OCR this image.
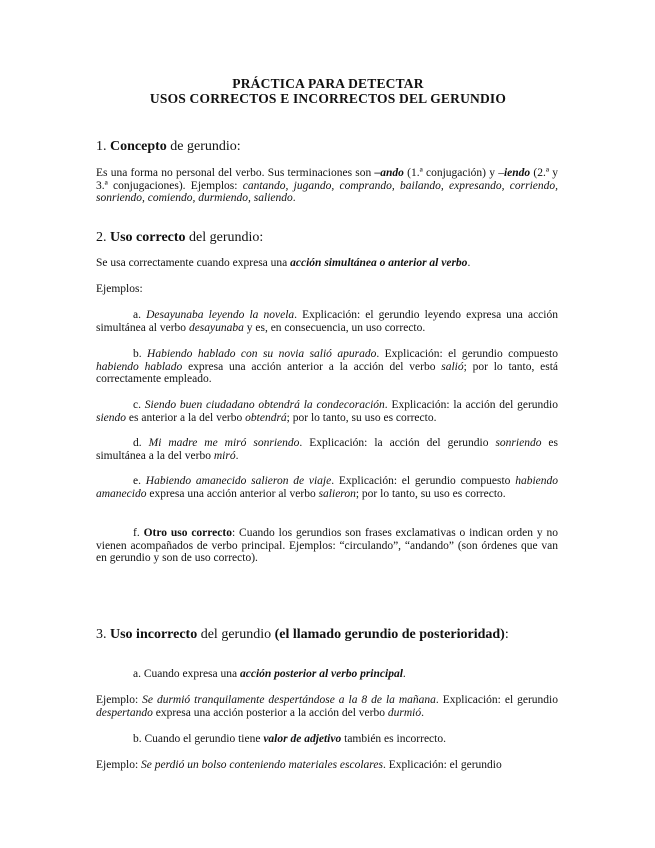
PRÁCTICA PARA DETECTAR
USOS CORRECTOS E INCORRECTOS DEL GERUNDIO
1. Concepto de gerundio:
Es una forma no personal del verbo. Sus terminaciones son –ando (1.ª conjugación) y –iendo (2.ª y 3.ª conjugaciones). Ejemplos: cantando, jugando, comprando, bailando, expresando, corriendo, sonriendo, comiendo, durmiendo, saliendo.
2. Uso correcto del gerundio:
Se usa correctamente cuando expresa una acción simultánea o anterior al verbo.
Ejemplos:
a. Desayunaba leyendo la novela. Explicación: el gerundio leyendo expresa una acción simultánea al verbo desayunaba y es, en consecuencia, un uso correcto.
b. Habiendo hablado con su novia salió apurado. Explicación: el gerundio compuesto habiendo hablado expresa una acción anterior a la acción del verbo salió; por lo tanto, está correctamente empleado.
c. Siendo buen ciudadano obtendrá la condecoración. Explicación: la acción del gerundio siendo es anterior a la del verbo obtendrá; por lo tanto, su uso es correcto.
d. Mi madre me miró sonriendo. Explicación: la acción del gerundio sonriendo es simultánea a la del verbo miró.
e. Habiendo amanecido salieron de viaje. Explicación: el gerundio compuesto habiendo amanecido expresa una acción anterior al verbo salieron; por lo tanto, su uso es correcto.
f. Otro uso correcto: Cuando los gerundios son frases exclamativas o indican orden y no vienen acompañados de verbo principal. Ejemplos: “circulando”, “andando” (son órdenes que van en gerundio y son de uso correcto).
3. Uso incorrecto del gerundio (el llamado gerundio de posterioridad):
a. Cuando expresa una acción posterior al verbo principal.
Ejemplo: Se durmió tranquilamente despertándose a la 8 de la mañana. Explicación: el gerundio despertando expresa una acción posterior a la acción del verbo durmió.
b. Cuando el gerundio tiene valor de adjetivo también es incorrecto.
Ejemplo: Se perdió un bolso conteniendo materiales escolares. Explicación: el gerundio
